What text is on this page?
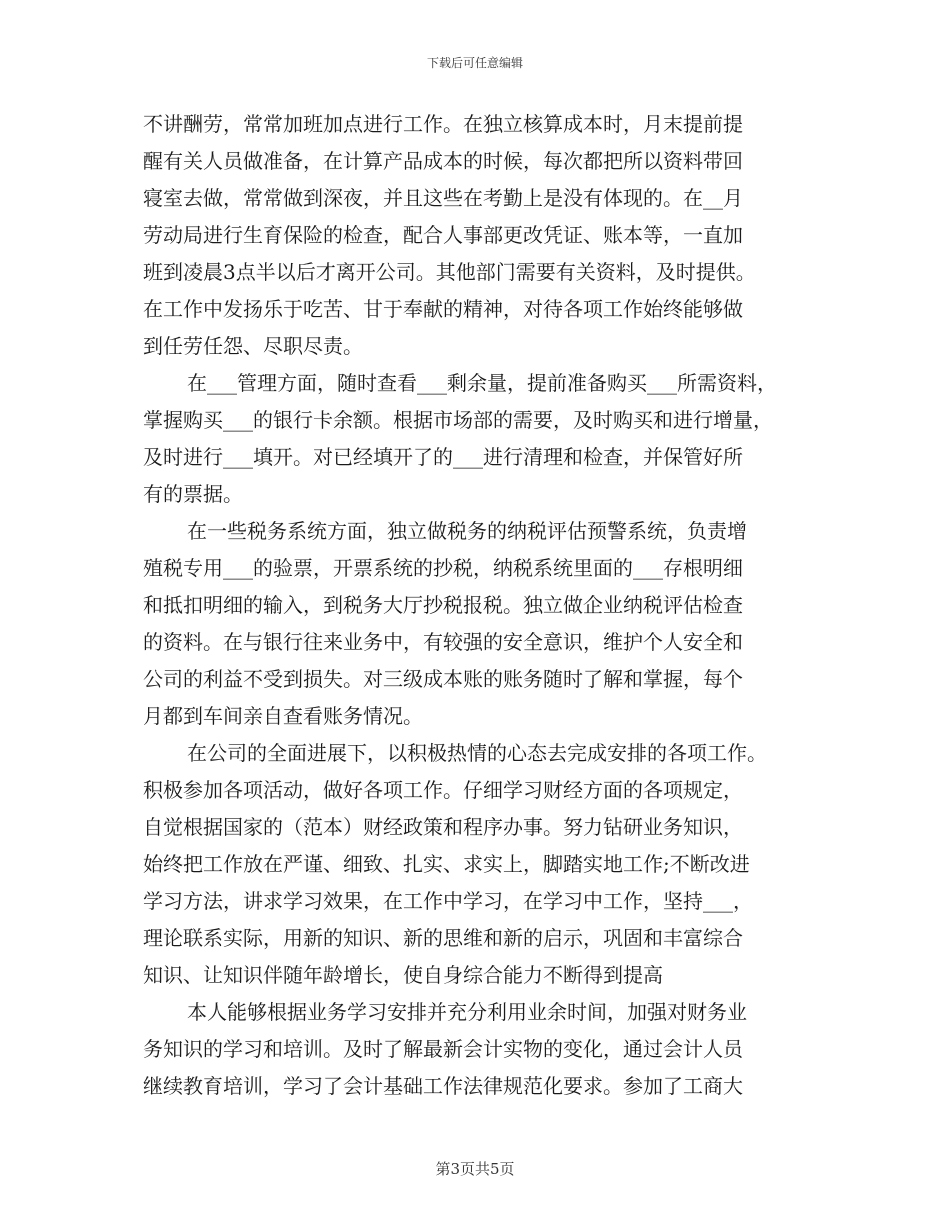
下载后可任意编辑
不讲酬劳，常常加班加点进行工作。在独立核算成本时，月末提前提
醒有关人员做准备，在计算产品成本的时候，每次都把所以资料带回
寝室去做，常常做到深夜，并且这些在考勤上是没有体现的。在__月
劳动局进行生育保险的检查，配合人事部更改凭证、账本等，一直加
班到凌晨3点半以后才离开公司。其他部门需要有关资料，及时提供。
在工作中发扬乐于吃苦、甘于奉献的精神，对待各项工作始终能够做
到任劳任怨、尽职尽责。
在___管理方面，随时查看___剩余量，提前准备购买___所需资料，
掌握购买___的银行卡余额。根据市场部的需要，及时购买和进行增量，
及时进行___填开。对已经填开了的___进行清理和检查，并保管好所
有的票据。
在一些税务系统方面，独立做税务的纳税评估预警系统，负责增
殖税专用___的验票，开票系统的抄税，纳税系统里面的___存根明细
和抵扣明细的输入，到税务大厅抄税报税。独立做企业纳税评估检查
的资料。在与银行往来业务中，有较强的安全意识，维护个人安全和
公司的利益不受到损失。对三级成本账的账务随时了解和掌握，每个
月都到车间亲自查看账务情况。
在公司的全面进展下，以积极热情的心态去完成安排的各项工作。
积极参加各项活动，做好各项工作。仔细学习财经方面的各项规定，
自觉根据国家的（范本）财经政策和程序办事。努力钻研业务知识，
始终把工作放在严谨、细致、扎实、求实上，脚踏实地工作;不断改进
学习方法，讲求学习效果，在工作中学习，在学习中工作，坚持___，
理论联系实际，用新的知识、新的思维和新的启示，巩固和丰富综合
知识、让知识伴随年龄增长，使自身综合能力不断得到提高
本人能够根据业务学习安排并充分利用业余时间，加强对财务业
务知识的学习和培训。及时了解最新会计实物的变化，通过会计人员
继续教育培训，学习了会计基础工作法律规范化要求。参加了工商大
第3页共5页
